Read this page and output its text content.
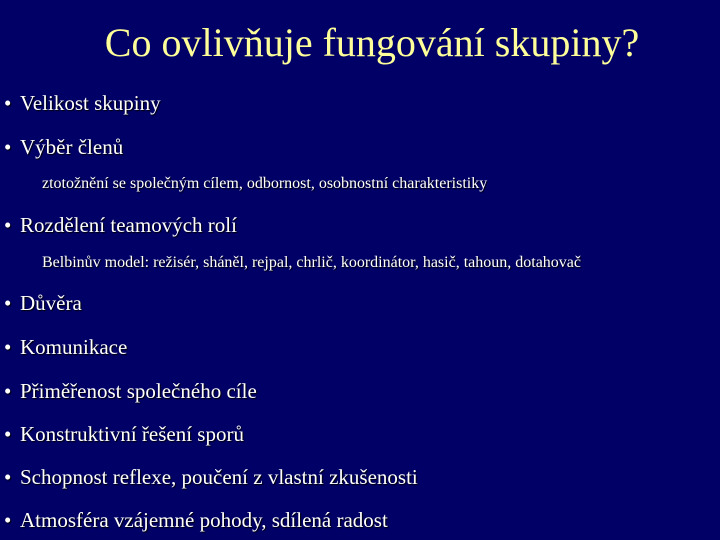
Co ovlivňuje fungování skupiny?
• Velikost skupiny
• Výběr členů
ztotožnění se společným cílem, odbornost, osobnostní charakteristiky
• Rozdělení teamových rolí
Belbinův model: režisér, sháněl, rejpal, chrlič, koordinátor, hasič, tahoun, dotahovač
• Důvěra
• Komunikace
• Přiměřenost společného cíle
• Konstruktivní řešení sporů
• Schopnost reflexe, poučení z vlastní zkušenosti
• Atmosféra vzájemné pohody, sdílená radost
